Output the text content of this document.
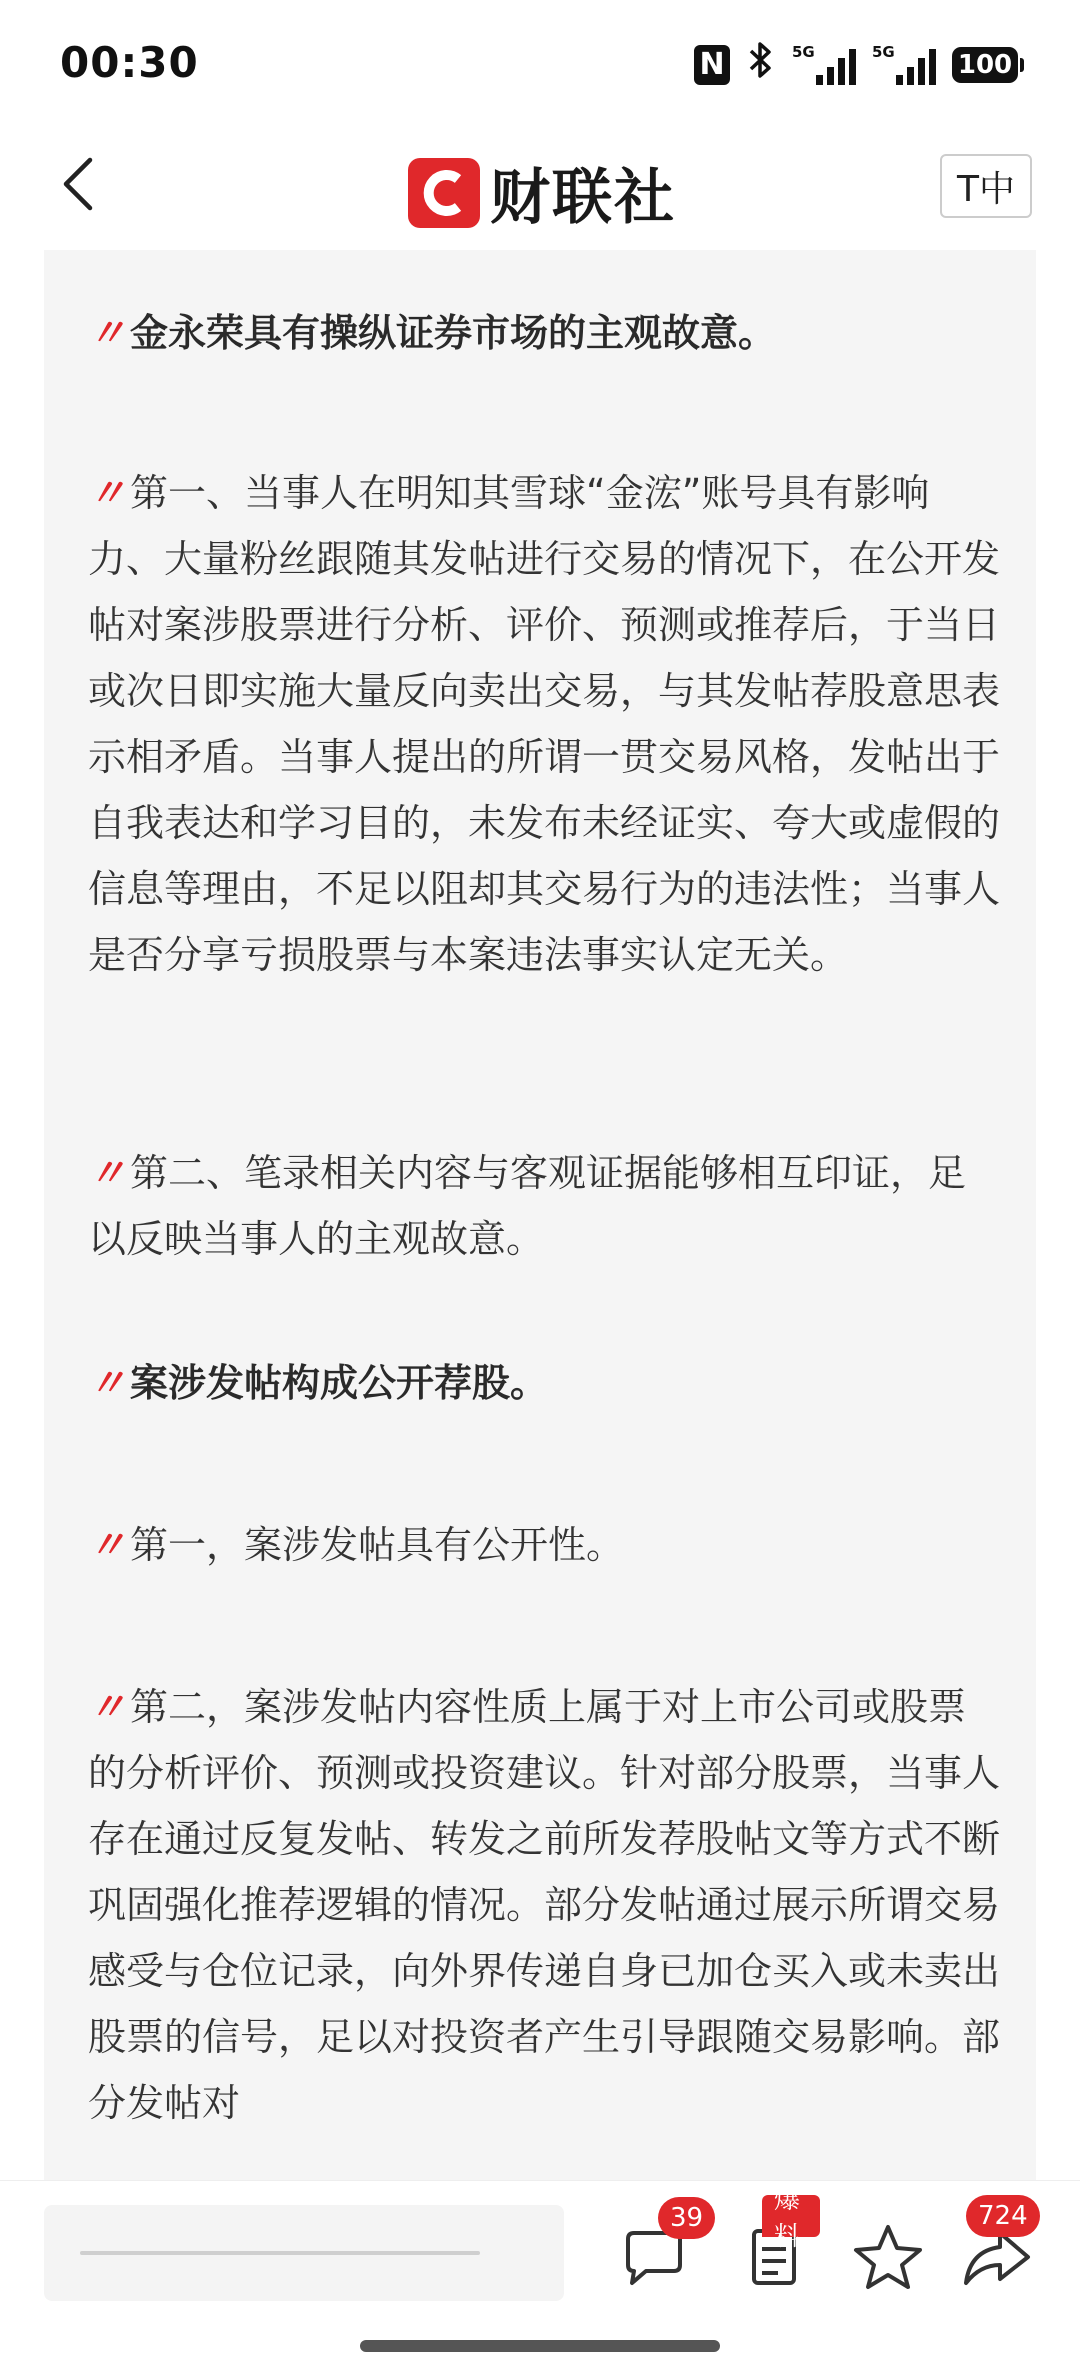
00:30	N	5G	5G 100
财联社	T中
〃 金永荣具有操纵证券市场的主观故意。
〃 第一、当事人在明知其雪球“金浤”账号具有影响力、大量粉丝跟随其发帖进行交易的情况下，在公开发帖对案涉股票进行分析、评价、预测或推荐后，于当日或次日即实施大量反向卖出交易，与其发帖荐股意思表示相矛盾。当事人提出的所谓一贯交易风格，发帖出于自我表达和学习目的，未发布未经证实、夸大或虚假的信息等理由，不足以阻却其交易行为的违法性；当事人是否分享亏损股票与本案违法事实认定无关。
〃 第二、笔录相关内容与客观证据能够相互印证，足以反映当事人的主观故意。
〃 案涉发帖构成公开荐股。
〃 第一，案涉发帖具有公开性。
〃 第二，案涉发帖内容性质上属于对上市公司或股票的分析评价、预测或投资建议。针对部分股票，当事人存在通过反复发帖、转发之前所发荐股帖文等方式不断巩固强化推荐逻辑的情况。部分发帖通过展示所谓交易感受与仓位记录，向外界传递自身已加仓买入或未卖出股票的信号，足以对投资者产生引导跟随交易影响。部分发帖对
39
爆料
724
